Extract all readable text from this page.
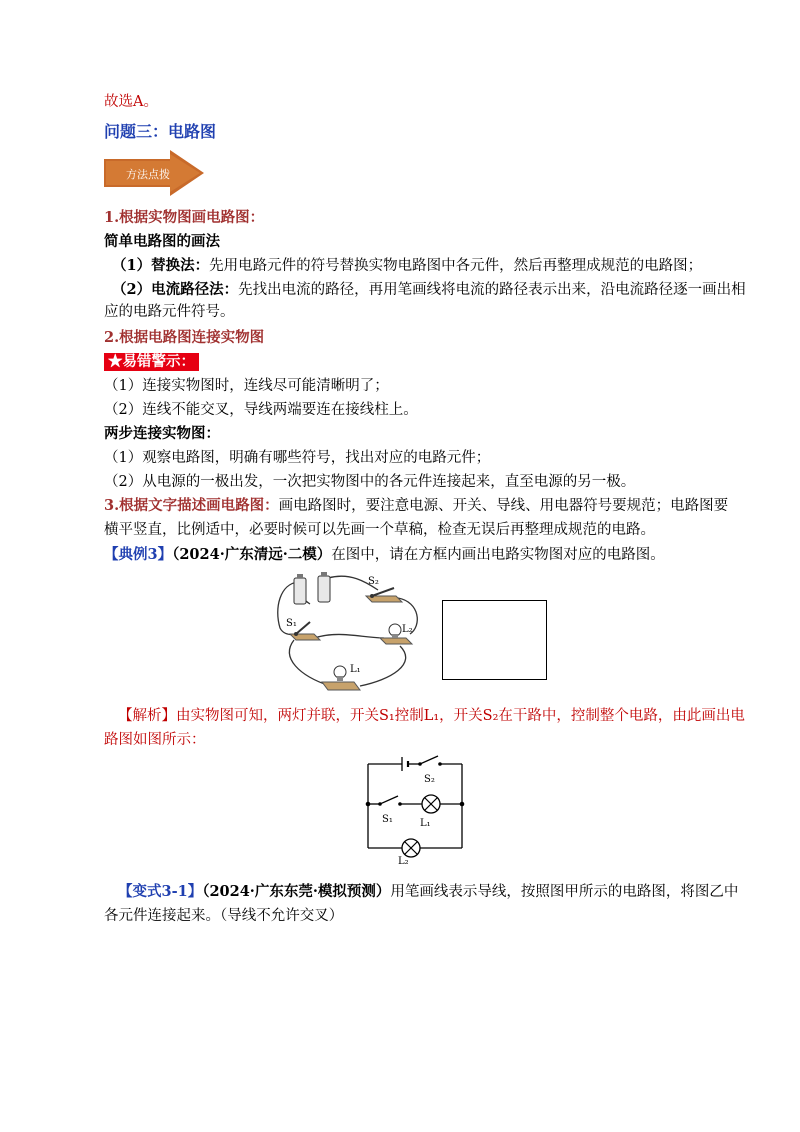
故选A。
问题三：电路图
方法点拨
1.根据实物图画电路图：
简单电路图的画法
（1）替换法：先用电路元件的符号替换实物电路图中各元件，然后再整理成规范的电路图；
（2）电流路径法：先找出电流的路径，再用笔画线将电流的路径表示出来，沿电流路径逐一画出相
应的电路元件符号。
2.根据电路图连接实物图
★易错警示：
（1）连接实物图时，连线尽可能清晰明了；
（2）连线不能交叉，导线两端要连在接线柱上。
两步连接实物图：
（1）观察电路图，明确有哪些符号，找出对应的电路元件；
（2）从电源的一极出发，一次把实物图中的各元件连接起来，直至电源的另一极。
3.根据文字描述画电路图：画电路图时，要注意电源、开关、导线、用电器符号要规范；电路图要
横平竖直，比例适中，必要时候可以先画一个草稿，检查无误后再整理成规范的电路。
【典例3】（2024·广东清远·二模）在图中，请在方框内画出电路实物图对应的电路图。
S₂
S₁
L₂
L₁
【解析】由实物图可知，两灯并联，开关S₁控制L₁，开关S₂在干路中，控制整个电路，由此画出电
路图如图所示：
S₂
S₁	L₁
L₂
【变式3-1】（2024·广东东莞·模拟预测）用笔画线表示导线，按照图甲所示的电路图，将图乙中
各元件连接起来。（导线不允许交叉）
